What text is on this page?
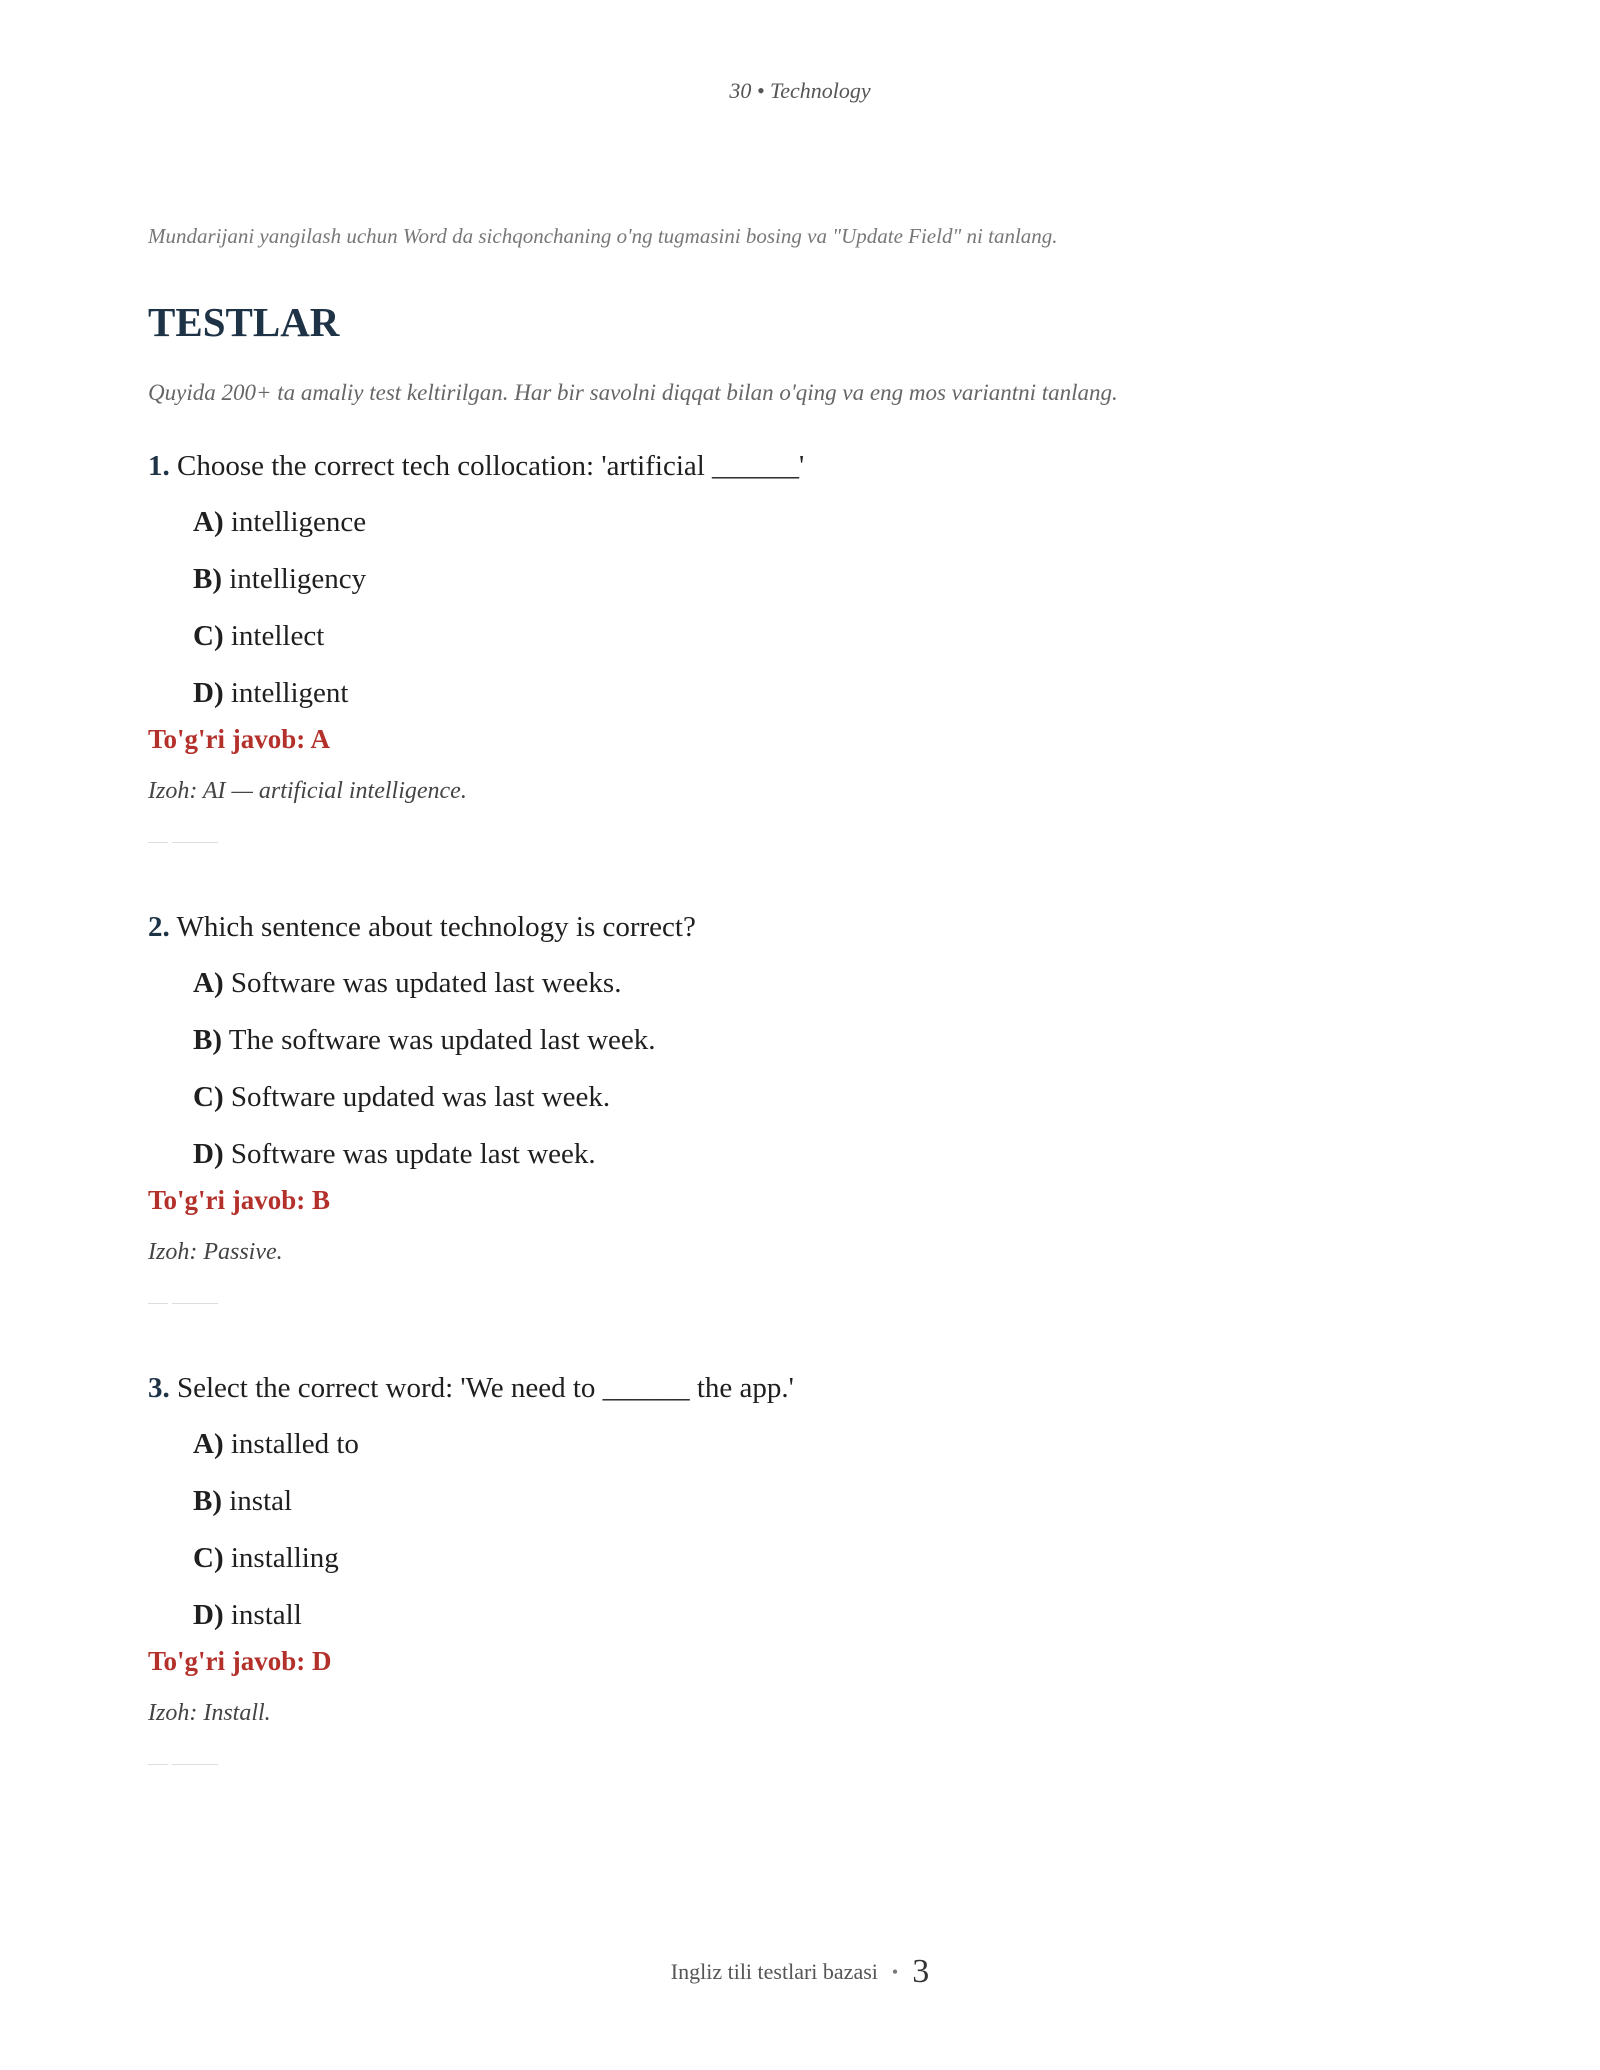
30 • Technology

Mundarijani yangilash uchun Word da sichqonchaning o'ng tugmasini bosing va "Update Field" ni tanlang.

TESTLAR

Quyida 200+ ta amaliy test keltirilgan. Har bir savolni diqqat bilan o'qing va eng mos variantni tanlang.

1. Choose the correct tech collocation: 'artificial ______'
A) intelligence
B) intelligency
C) intellect
D) intelligent
To'g'ri javob: A
Izoh: AI — artificial intelligence.

2. Which sentence about technology is correct?
A) Software was updated last weeks.
B) The software was updated last week.
C) Software updated was last week.
D) Software was update last week.
To'g'ri javob: B
Izoh: Passive.

3. Select the correct word: 'We need to ______ the app.'
A) installed to
B) instal
C) installing
D) install
To'g'ri javob: D
Izoh: Install.

Ingliz tili testlari bazasi • 3
